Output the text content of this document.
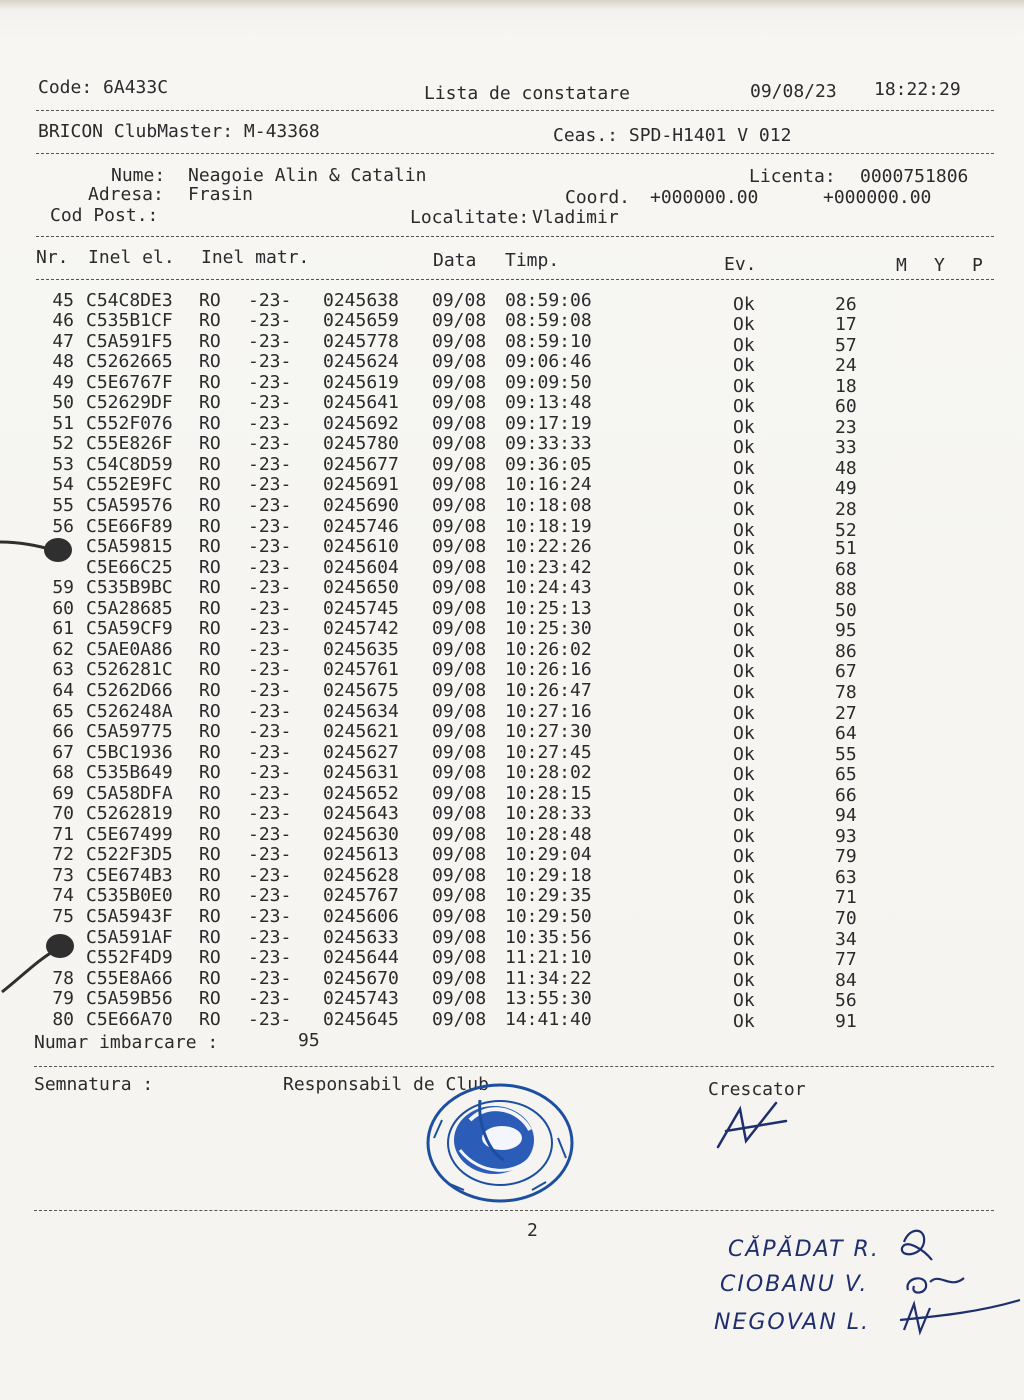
Code: 6A433C	Lista de constatare	09/08/23 18:22:29
BRICON ClubMaster: M-43368	Ceas.: SPD-H1401 V 012
Nume: Neagoie Alin & Catalin	Licenta: 0000751806
Adresa: Frasin	Coord. +000000.00	+000000.00
Cod Post.:	Localitate: Vladimir
Nr. Inel el. Inel matr.	Data Timp.	Ev.	M Y P
45 C54C8DE3 RO -23- 0245638 09/08 08:59:06	Ok	26
46 C535B1CF RO -23- 0245659 09/08 08:59:08	Ok	17
47 C5A591F5 RO -23- 0245778 09/08 08:59:10	Ok	57
48 C5262665 RO -23- 0245624 09/08 09:06:46	Ok	24
49 C5E6767F RO -23- 0245619 09/08 09:09:50	Ok	18
50 C52629DF RO -23- 0245641 09/08 09:13:48	Ok	60
51 C552F076 RO -23- 0245692 09/08 09:17:19	Ok	23
52 C55E826F RO -23- 0245780 09/08 09:33:33	Ok	33
53 C54C8D59 RO -23- 0245677 09/08 09:36:05	Ok	48
54 C552E9FC RO -23- 0245691 09/08 10:16:24	Ok	49
55 C5A59576 RO -23- 0245690 09/08 10:18:08	Ok	28
56 C5E66F89 RO -23- 0245746 09/08 10:18:19	Ok	52
C5A59815 RO -23- 0245610 09/08 10:22:26	Ok	51
C5E66C25 RO -23- 0245604 09/08 10:23:42	Ok	68
59 C535B9BC RO -23- 0245650 09/08 10:24:43	Ok	88
60 C5A28685 RO -23- 0245745 09/08 10:25:13	Ok	50
61 C5A59CF9 RO -23- 0245742 09/08 10:25:30	Ok	95
62 C5AE0A86 RO -23- 0245635 09/08 10:26:02	Ok	86
63 C526281C RO -23- 0245761 09/08 10:26:16	Ok	67
64 C5262D66 RO -23- 0245675 09/08 10:26:47	Ok	78
65 C526248A RO -23- 0245634 09/08 10:27:16	Ok	27
66 C5A59775 RO -23- 0245621 09/08 10:27:30	Ok	64
67 C5BC1936 RO -23- 0245627 09/08 10:27:45	Ok	55
68 C535B649 RO -23- 0245631 09/08 10:28:02	Ok	65
69 C5A58DFA RO -23- 0245652 09/08 10:28:15	Ok	66
70 C5262819 RO -23- 0245643 09/08 10:28:33	Ok	94
71 C5E67499 RO -23- 0245630 09/08 10:28:48	Ok	93
72 C522F3D5 RO -23- 0245613 09/08 10:29:04	Ok	79
73 C5E674B3 RO -23- 0245628 09/08 10:29:18	Ok	63
74 C535B0E0 RO -23- 0245767 09/08 10:29:35	Ok	71
75 C5A5943F RO -23- 0245606 09/08 10:29:50	Ok	70
C5A591AF RO -23- 0245633 09/08 10:35:56	Ok	34
C552F4D9 RO -23- 0245644 09/08 11:21:10	Ok	77
78 C55E8A66 RO -23- 0245670 09/08 11:34:22	Ok	84
79 C5A59B56 RO -23- 0245743 09/08 13:55:30	Ok	56
80 C5E66A70 RO -23- 0245645 09/08 14:41:40	Ok	91
Numar imbarcare :	95
Semnatura :	Responsabil de Club	Crescator
2
CĂPĂDAT R.
CIOBANU V.
NEGOVAN L.
